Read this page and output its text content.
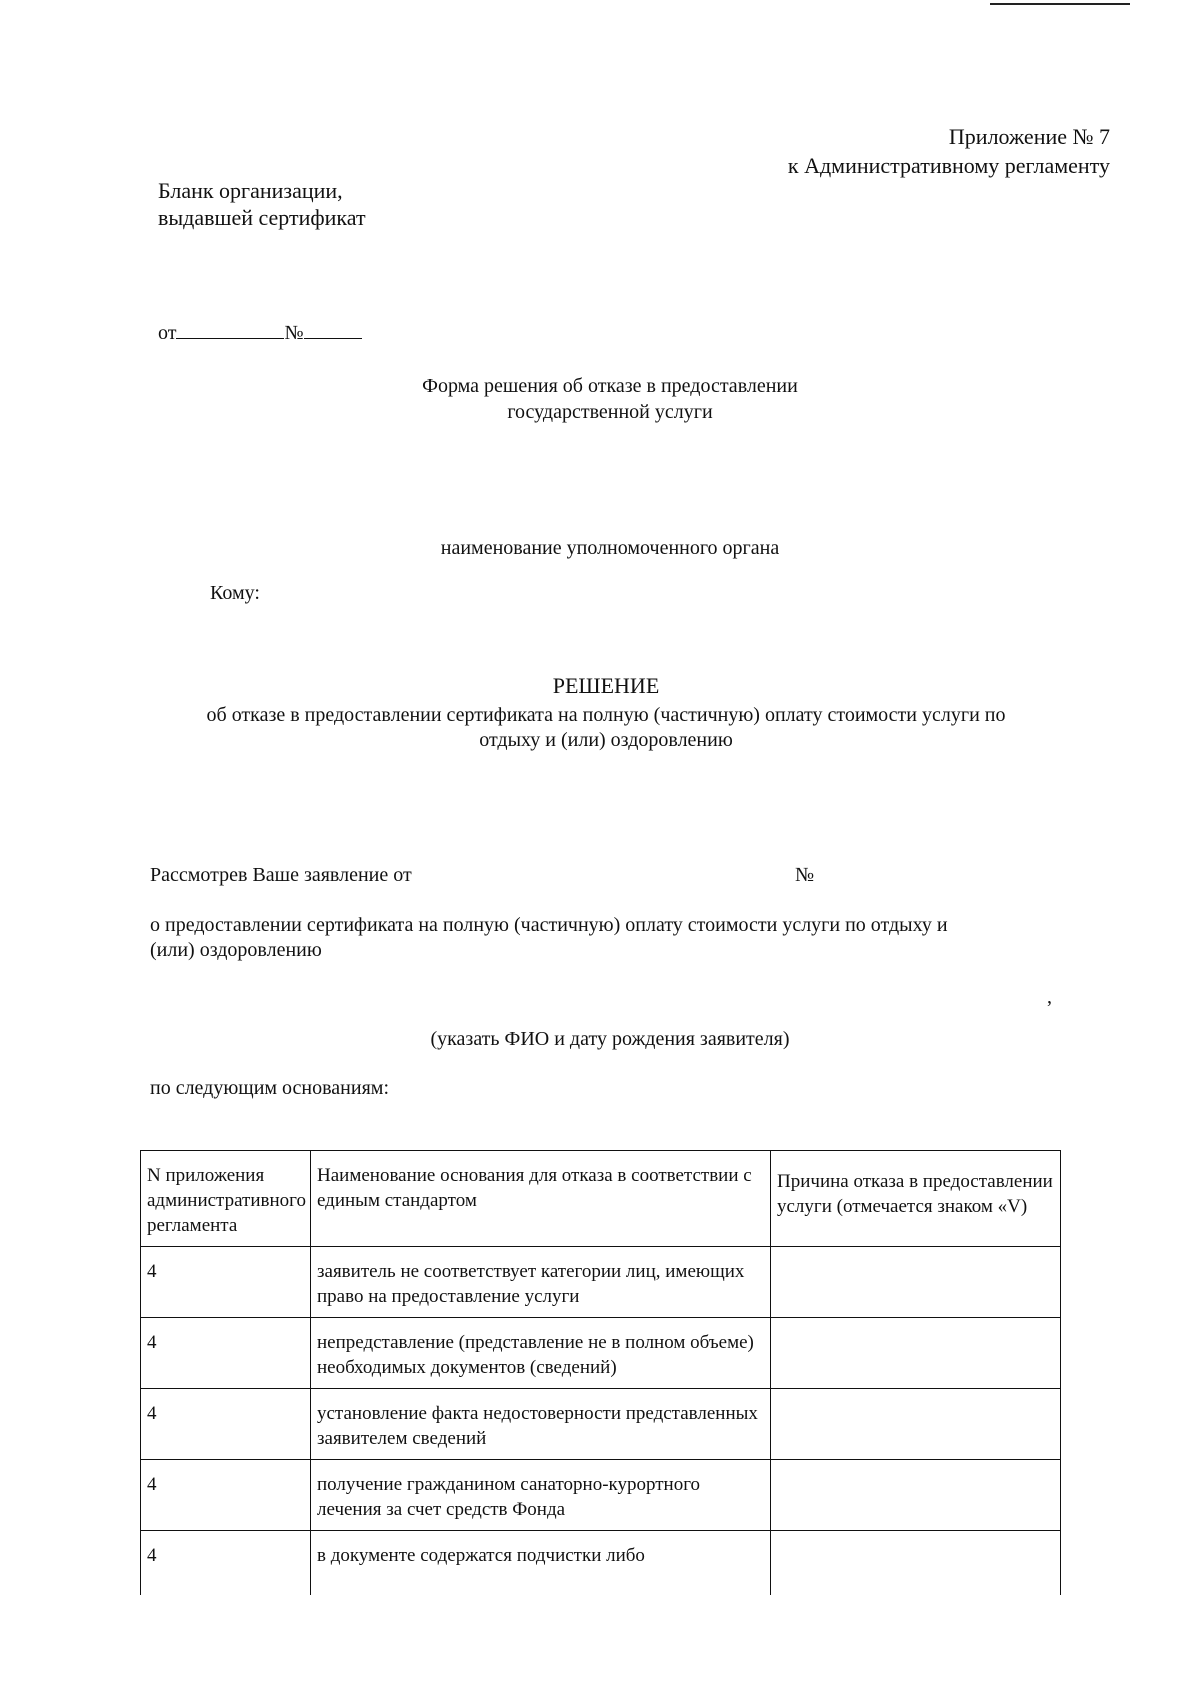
Приложение № 7
к Административному регламенту
Бланк организации,
выдавшей сертификат
от	№
Форма решения об отказе в предоставлении
государственной услуги
наименование уполномоченного органа
Кому:
РЕШЕНИЕ
об отказе в предоставлении сертификата на полную (частичную) оплату стоимости услуги по
отдыху и (или) оздоровлению
Рассмотрев Ваше заявление от	№
о предоставлении сертификата на полную (частичную) оплату стоимости услуги по отдыху и
(или) оздоровлению
,
(указать ФИО и дату рождения заявителя)
по следующим основаниям:
N приложения административного регламента	Наименование основания для отказа в соответствии с единым стандартом	Причина отказа в предоставлении услуги (отмечается знаком «V)
4	заявитель не соответствует категории лиц, имеющих право на предоставление услуги	
4	непредставление (представление не в полном объеме) необходимых документов (сведений)	
4	установление факта недостоверности представленных заявителем сведений	
4	получение гражданином санаторно-курортного лечения за счет средств Фонда	
4	в документе содержатся подчистки либо	
